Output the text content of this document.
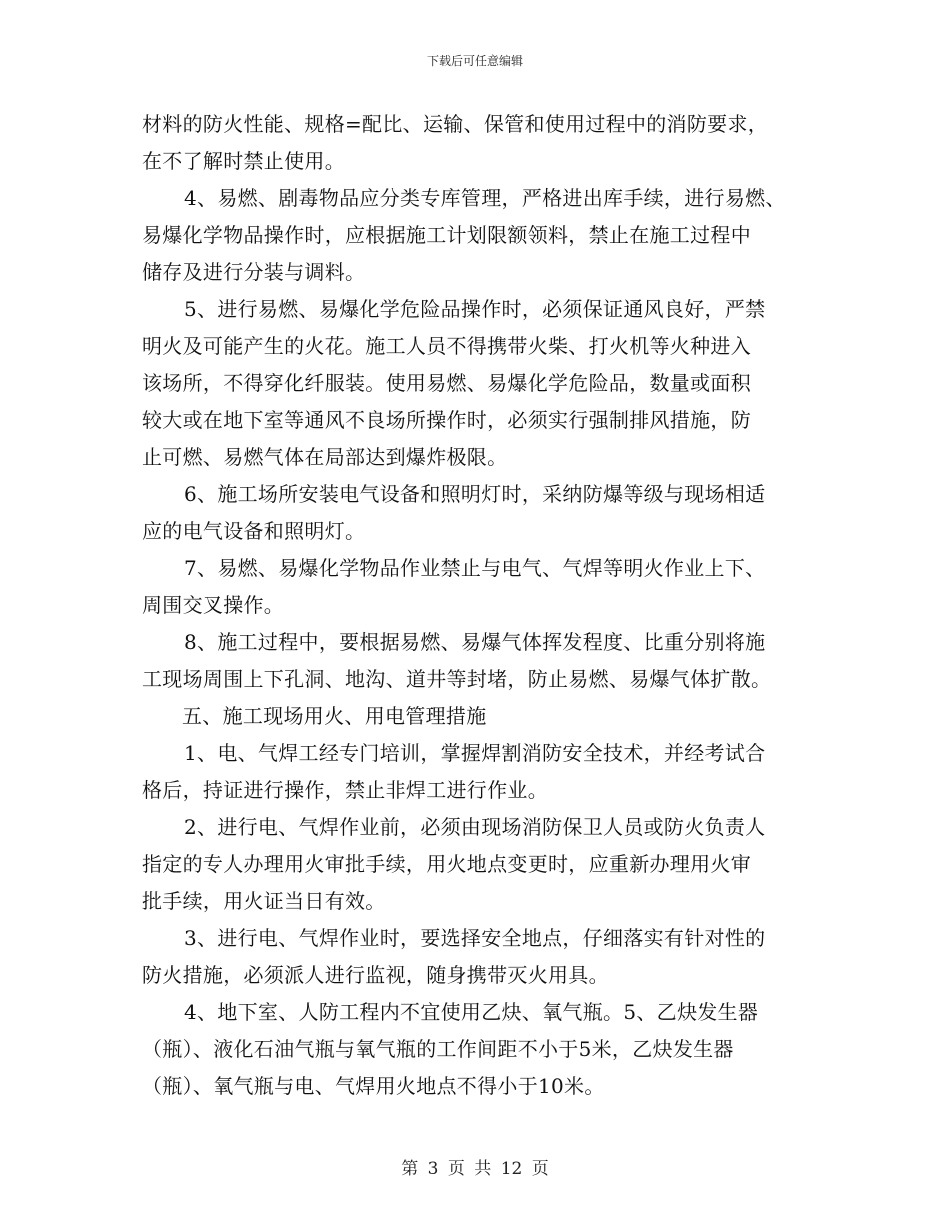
下载后可任意编辑
材料的防火性能、规格=配比、运输、保管和使用过程中的消防要求，
在不了解时禁止使用。
4、易燃、剧毒物品应分类专库管理，严格进出库手续，进行易燃、
易爆化学物品操作时，应根据施工计划限额领料，禁止在施工过程中
储存及进行分装与调料。
5、进行易燃、易爆化学危险品操作时，必须保证通风良好，严禁
明火及可能产生的火花。施工人员不得携带火柴、打火机等火种进入
该场所，不得穿化纤服装。使用易燃、易爆化学危险品，数量或面积
较大或在地下室等通风不良场所操作时，必须实行强制排风措施，防
止可燃、易燃气体在局部达到爆炸极限。
6、施工场所安装电气设备和照明灯时，采纳防爆等级与现场相适
应的电气设备和照明灯。
7、易燃、易爆化学物品作业禁止与电气、气焊等明火作业上下、
周围交叉操作。
8、施工过程中，要根据易燃、易爆气体挥发程度、比重分别将施
工现场周围上下孔洞、地沟、道井等封堵，防止易燃、易爆气体扩散。
五、施工现场用火、用电管理措施
1、电、气焊工经专门培训，掌握焊割消防安全技术，并经考试合
格后，持证进行操作，禁止非焊工进行作业。
2、进行电、气焊作业前，必须由现场消防保卫人员或防火负责人
指定的专人办理用火审批手续，用火地点变更时，应重新办理用火审
批手续，用火证当日有效。
3、进行电、气焊作业时，要选择安全地点，仔细落实有针对性的
防火措施，必须派人进行监视，随身携带灭火用具。
4、地下室、人防工程内不宜使用乙炔、氧气瓶。5、乙炔发生器
（瓶）、液化石油气瓶与氧气瓶的工作间距不小于5米，乙炔发生器
（瓶）、氧气瓶与电、气焊用火地点不得小于10米。
第 3 页 共 12 页
